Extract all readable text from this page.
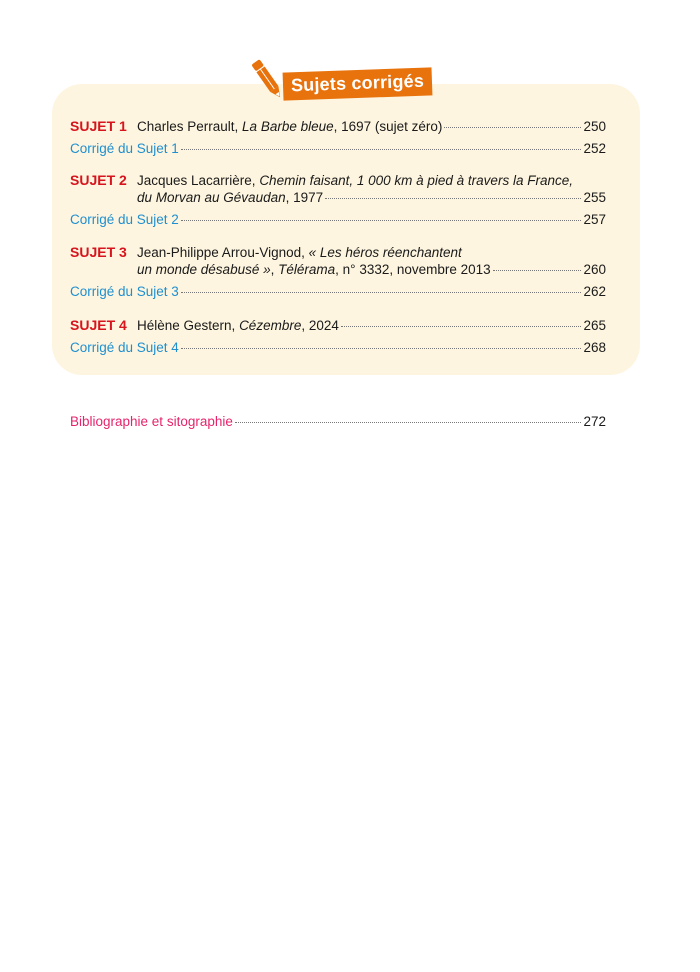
Sujets corrigés
SUJET 1 Charles Perrault, La Barbe bleue, 1697 (sujet zéro)	250
Corrigé du Sujet 1	252
SUJET 2 Jacques Lacarrière, Chemin faisant, 1 000 km à pied à travers la France,
du Morvan au Gévaudan, 1977	255
Corrigé du Sujet 2	257
SUJET 3 Jean-Philippe Arrou-Vignod, « Les héros réenchantent
un monde désabusé », Télérama, n° 3332, novembre 2013	260
Corrigé du Sujet 3	262
SUJET 4 Hélène Gestern, Cézembre, 2024	265
Corrigé du Sujet 4	268
Bibliographie et sitographie	272
